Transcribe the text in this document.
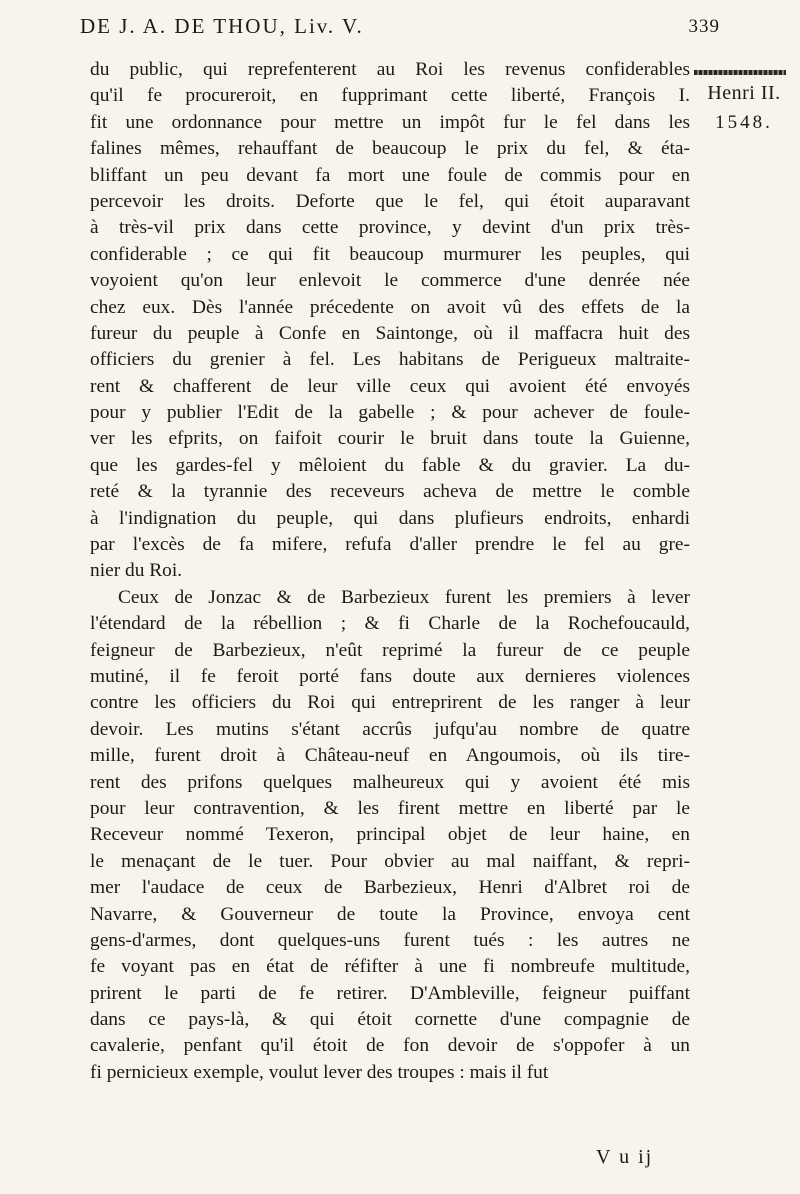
DE J. A. DE THOU, Liv. V.	339
Henri II.
1548.
du public, qui reprefenterent au Roi les revenus confiderables
qu'il fe procureroit, en fupprimant cette liberté, François I.
fit une ordonnance pour mettre un impôt fur le fel dans les
falines mêmes, rehauffant de beaucoup le prix du fel, & éta-
bliffant un peu devant fa mort une foule de commis pour en
percevoir les droits. Deforte que le fel, qui étoit auparavant
à très-vil prix dans cette province, y devint d'un prix très-
confiderable ; ce qui fit beaucoup murmurer les peuples, qui
voyoient qu'on leur enlevoit le commerce d'une denrée née
chez eux. Dès l'année précedente on avoit vû des effets de la
fureur du peuple à Confe en Saintonge, où il maffacra huit des
officiers du grenier à fel. Les habitans de Perigueux maltraite-
rent & chafferent de leur ville ceux qui avoient été envoyés
pour y publier l'Edit de la gabelle ; & pour achever de foule-
ver les efprits, on faifoit courir le bruit dans toute la Guienne,
que les gardes-fel y mêloient du fable & du gravier. La du-
reté & la tyrannie des receveurs acheva de mettre le comble
à l'indignation du peuple, qui dans plufieurs endroits, enhardi
par l'excès de fa mifere, refufa d'aller prendre le fel au gre-
nier du Roi.
Ceux de Jonzac & de Barbezieux furent les premiers à lever
l'étendard de la rébellion ; & fi Charle de la Rochefoucauld,
feigneur de Barbezieux, n'eût reprimé la fureur de ce peuple
mutiné, il fe feroit porté fans doute aux dernieres violences
contre les officiers du Roi qui entreprirent de les ranger à leur
devoir. Les mutins s'étant accrûs jufqu'au nombre de quatre
mille, furent droit à Château-neuf en Angoumois, où ils tire-
rent des prifons quelques malheureux qui y avoient été mis
pour leur contravention, & les firent mettre en liberté par le
Receveur nommé Texeron, principal objet de leur haine, en
le menaçant de le tuer. Pour obvier au mal naiffant, & repri-
mer l'audace de ceux de Barbezieux, Henri d'Albret roi de
Navarre, & Gouverneur de toute la Province, envoya cent
gens-d'armes, dont quelques-uns furent tués : les autres ne
fe voyant pas en état de réfifter à une fi nombreufe multitude,
prirent le parti de fe retirer. D'Ambleville, feigneur puiffant
dans ce pays-là, & qui étoit cornette d'une compagnie de
cavalerie, penfant qu'il étoit de fon devoir de s'oppofer à un
fi pernicieux exemple, voulut lever des troupes : mais il fut
V u ij
